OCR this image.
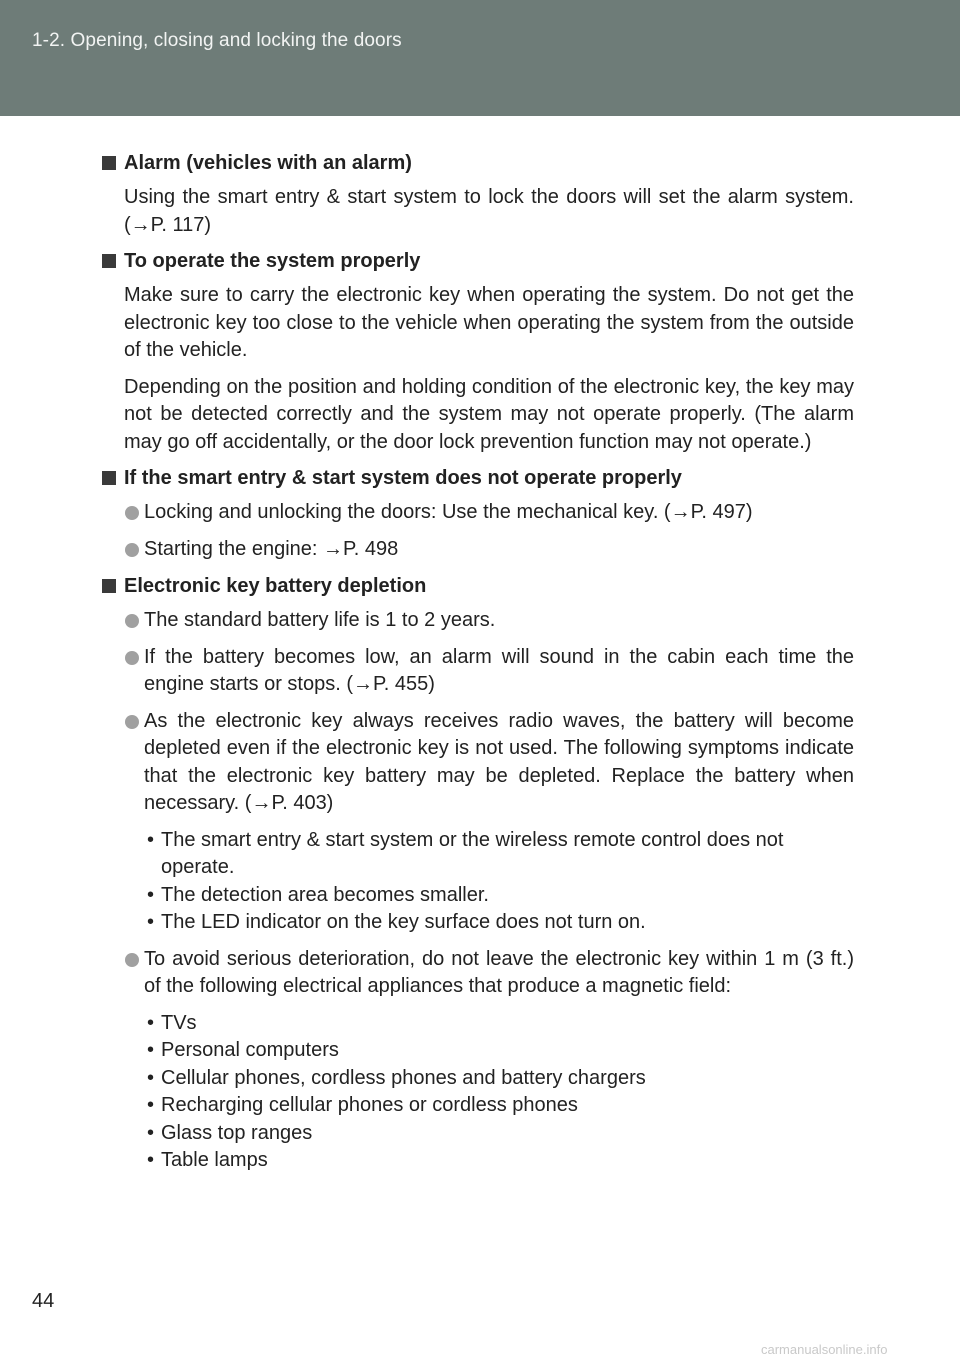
1-2. Opening, closing and locking the doors
Alarm (vehicles with an alarm)
Using the smart entry & start system to lock the doors will set the alarm system. (→P. 117)
To operate the system properly
Make sure to carry the electronic key when operating the system. Do not get the electronic key too close to the vehicle when operating the system from the outside of the vehicle.
Depending on the position and holding condition of the electronic key, the key may not be detected correctly and the system may not operate properly. (The alarm may go off accidentally, or the door lock prevention function may not operate.)
If the smart entry & start system does not operate properly
Locking and unlocking the doors: Use the mechanical key. (→P. 497)
Starting the engine: →P. 498
Electronic key battery depletion
The standard battery life is 1 to 2 years.
If the battery becomes low, an alarm will sound in the cabin each time the engine starts or stops. (→P. 455)
As the electronic key always receives radio waves, the battery will become depleted even if the electronic key is not used. The following symptoms indicate that the electronic key battery may be depleted. Replace the battery when necessary. (→P. 403)
• The smart entry & start system or the wireless remote control does not operate.
• The detection area becomes smaller.
• The LED indicator on the key surface does not turn on.
To avoid serious deterioration, do not leave the electronic key within 1 m (3 ft.) of the following electrical appliances that produce a magnetic field:
• TVs
• Personal computers
• Cellular phones, cordless phones and battery chargers
• Recharging cellular phones or cordless phones
• Glass top ranges
• Table lamps
44
carmanualsonline.info
